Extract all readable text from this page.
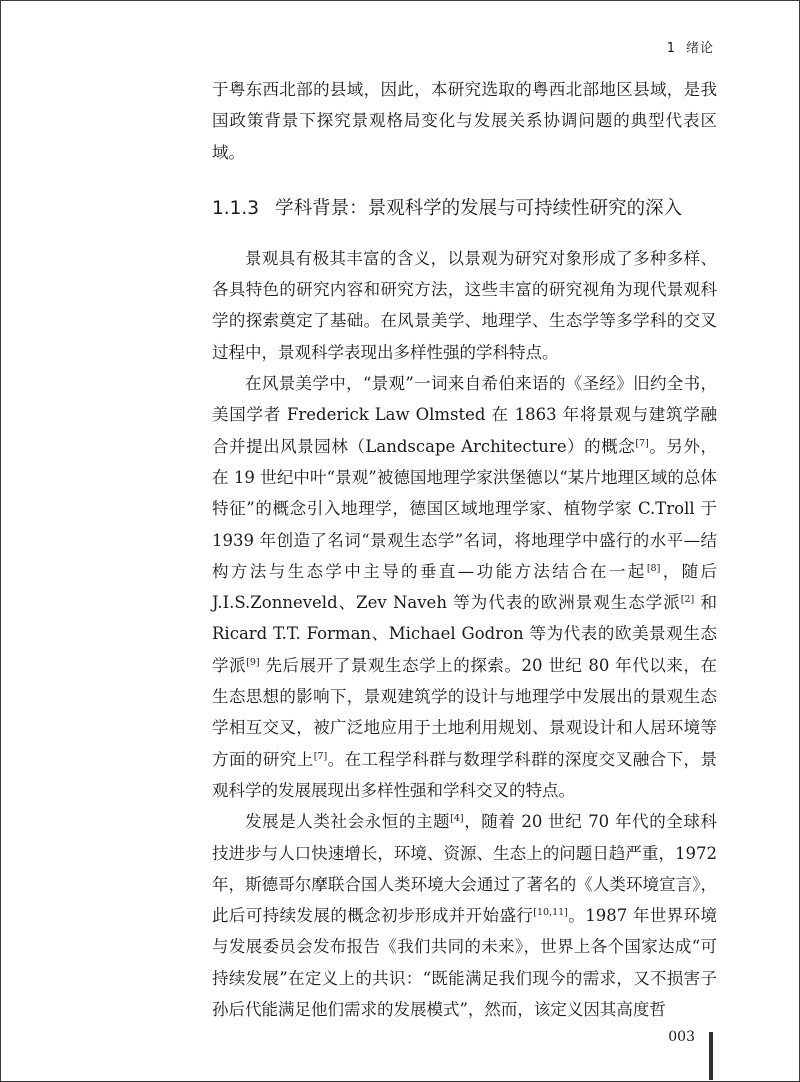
1 绪论

于粤东西北部的县域，因此，本研究选取的粤西北部地区县域，是我国政策背景下探究景观格局变化与发展关系协调问题的典型代表区域。

1.1.3 学科背景：景观科学的发展与可持续性研究的深入

景观具有极其丰富的含义，以景观为研究对象形成了多种多样、各具特色的研究内容和研究方法，这些丰富的研究视角为现代景观科学的探索奠定了基础。在风景美学、地理学、生态学等多学科的交叉过程中，景观科学表现出多样性强的学科特点。

在风景美学中，“景观”一词来自希伯来语的《圣经》旧约全书，美国学者 Frederick Law Olmsted 在 1863 年将景观与建筑学融合并提出风景园林（Landscape Architecture）的概念[7]。另外，在 19 世纪中叶“景观”被德国地理学家洪堡德以“某片地理区域的总体特征”的概念引入地理学，德国区域地理学家、植物学家 C.Troll 于 1939 年创造了名词“景观生态学”名词，将地理学中盛行的水平—结构方法与生态学中主导的垂直—功能方法结合在一起[8]，随后 J.I.S.Zonneveld、Zev Naveh 等为代表的欧洲景观生态学派[2] 和 Ricard T.T. Forman、Michael Godron 等为代表的欧美景观生态学派[9] 先后展开了景观生态学上的探索。20 世纪 80 年代以来，在生态思想的影响下，景观建筑学的设计与地理学中发展出的景观生态学相互交叉，被广泛地应用于土地利用规划、景观设计和人居环境等方面的研究上[7]。在工程学科群与数理学科群的深度交叉融合下，景观科学的发展展现出多样性强和学科交叉的特点。

发展是人类社会永恒的主题[4]，随着 20 世纪 70 年代的全球科技进步与人口快速增长，环境、资源、生态上的问题日趋严重，1972 年，斯德哥尔摩联合国人类环境大会通过了著名的《人类环境宣言》，此后可持续发展的概念初步形成并开始盛行[10,11]。1987 年世界环境与发展委员会发布报告《我们共同的未来》，世界上各个国家达成“可持续发展”在定义上的共识：“既能满足我们现今的需求，又不损害子孙后代能满足他们需求的发展模式”，然而，该定义因其高度哲

003
